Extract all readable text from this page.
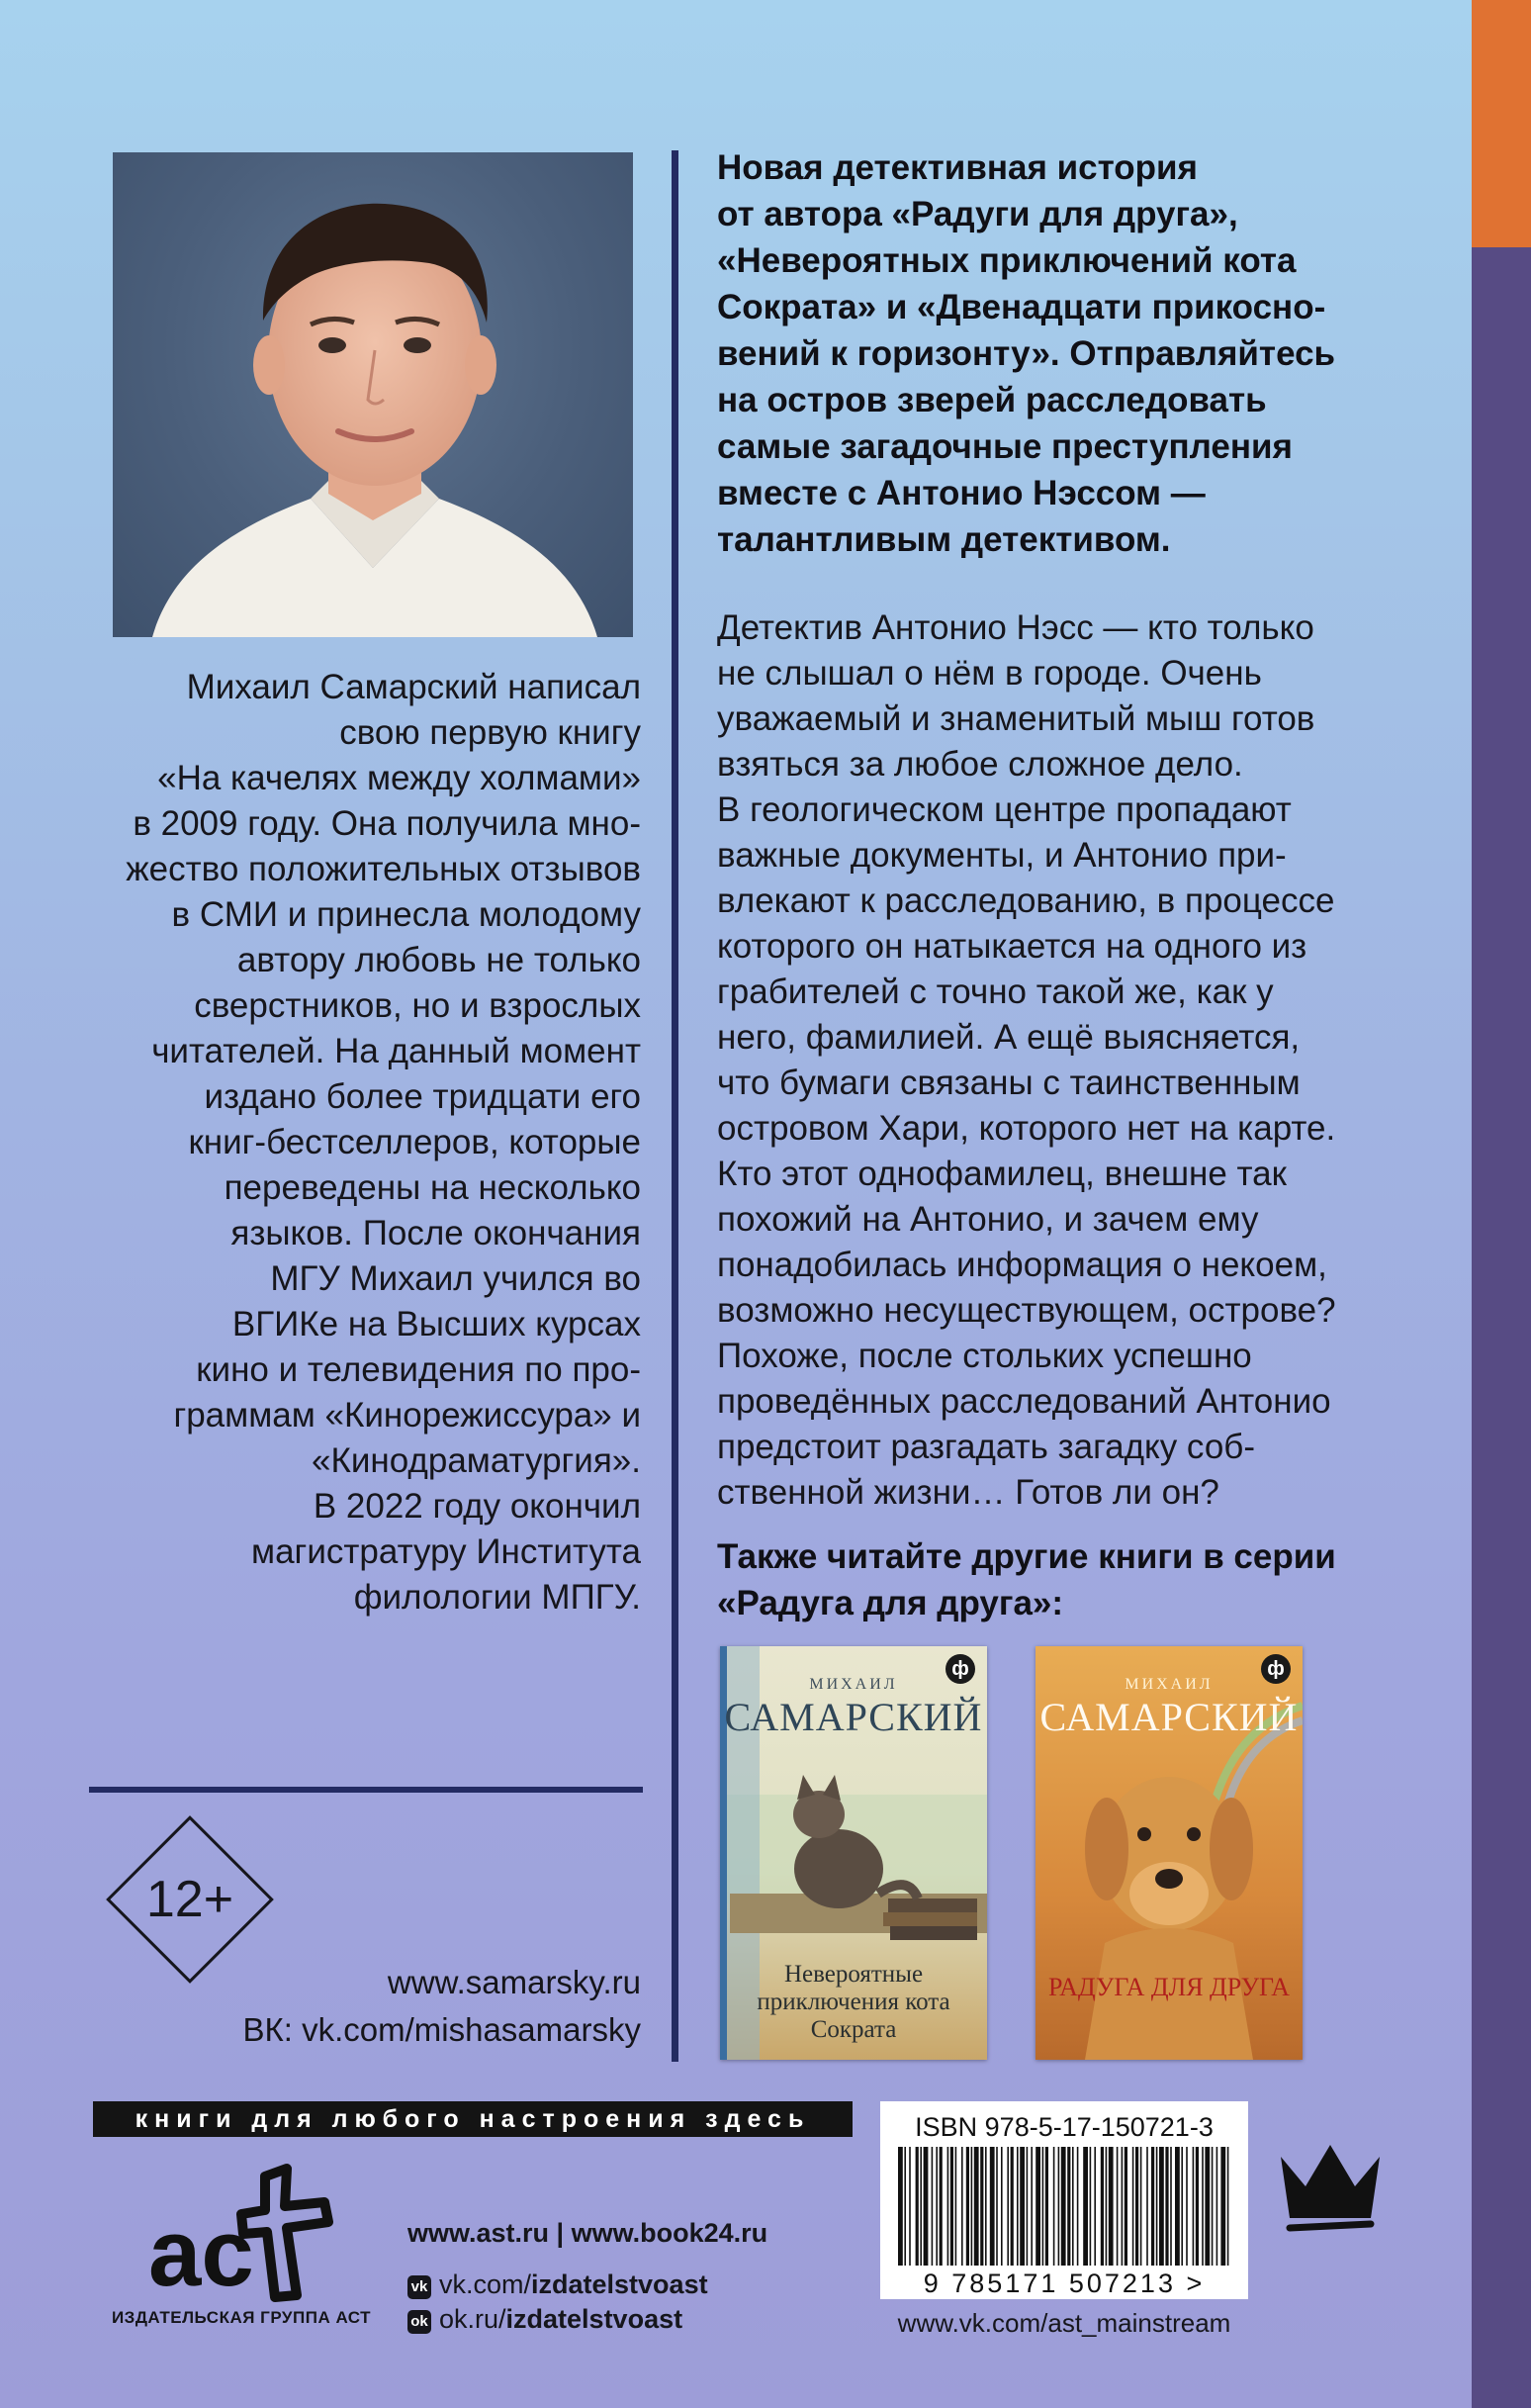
Новая детективная история

от автора «Радуги для друга»,

«Невероятных приключений кота

Сократа» и «Двенадцати прикосно-

вений к горизонту». Отправляйтесь

на остров зверей расследовать

самые загадочные преступления

вместе с Антонио Нэссом —

талантливым детективом.

Детектив Антонио Нэсс — кто только

не слышал о нём в городе. Очень

уважаемый и знаменитый мыш готов

взяться за любое сложное дело.

В геологическом центре пропадают

важные документы, и Антонио при-

влекают к расследованию, в процессе

которого он натыкается на одного из

грабителей с точно такой же, как у

него, фамилией. А ещё выясняется,

что бумаги связаны с таинственным

островом Хари, которого нет на карте.

Кто этот однофамилец, внешне так

похожий на Антонио, и зачем ему

понадобилась информация о некоем,

возможно несуществующем, острове?

Похоже, после стольких успешно

проведённых расследований Антонио

предстоит разгадать загадку соб-

ственной жизни… Готов ли он?

Также читайте другие книги в серии

«Радуга для друга»:

ф
МИХАИЛ
САМАРСКИЙ
Невероятные
приключения кота
Сократа
ф
МИХАИЛ
САМАРСКИЙ
РАДУГА ДЛЯ ДРУГА

Михаил Самарский написал

свою первую книгу

«На качелях между холмами»

в 2009 году. Она получила мно-

жество положительных отзывов

в СМИ и принесла молодому

автору любовь не только

сверстников, но и взрослых

читателей. На данный момент

издано более тридцати его

книг-бестселлеров, которые

переведены на несколько

языков. После окончания

МГУ Михаил учился во

ВГИКе на Высших курсах

кино и телевидения по про-

граммам «Кинорежиссура» и

«Кинодраматургия».

В 2022 году окончил

магистратуру Института

филологии МПГУ.

12+
www.samarsky.ru
ВК: vk.com/mishasamarsky
книги для любого настроения здесь
ac
ИЗДАТЕЛЬСКАЯ ГРУППА АСТ
www.ast.ru | www.book24.ru
vk vk.com/izdatelstvoast
ok ok.ru/izdatelstvoast
ISBN 978-5-17-150721-3
9 785171 507213 >
www.vk.com/ast_mainstream
